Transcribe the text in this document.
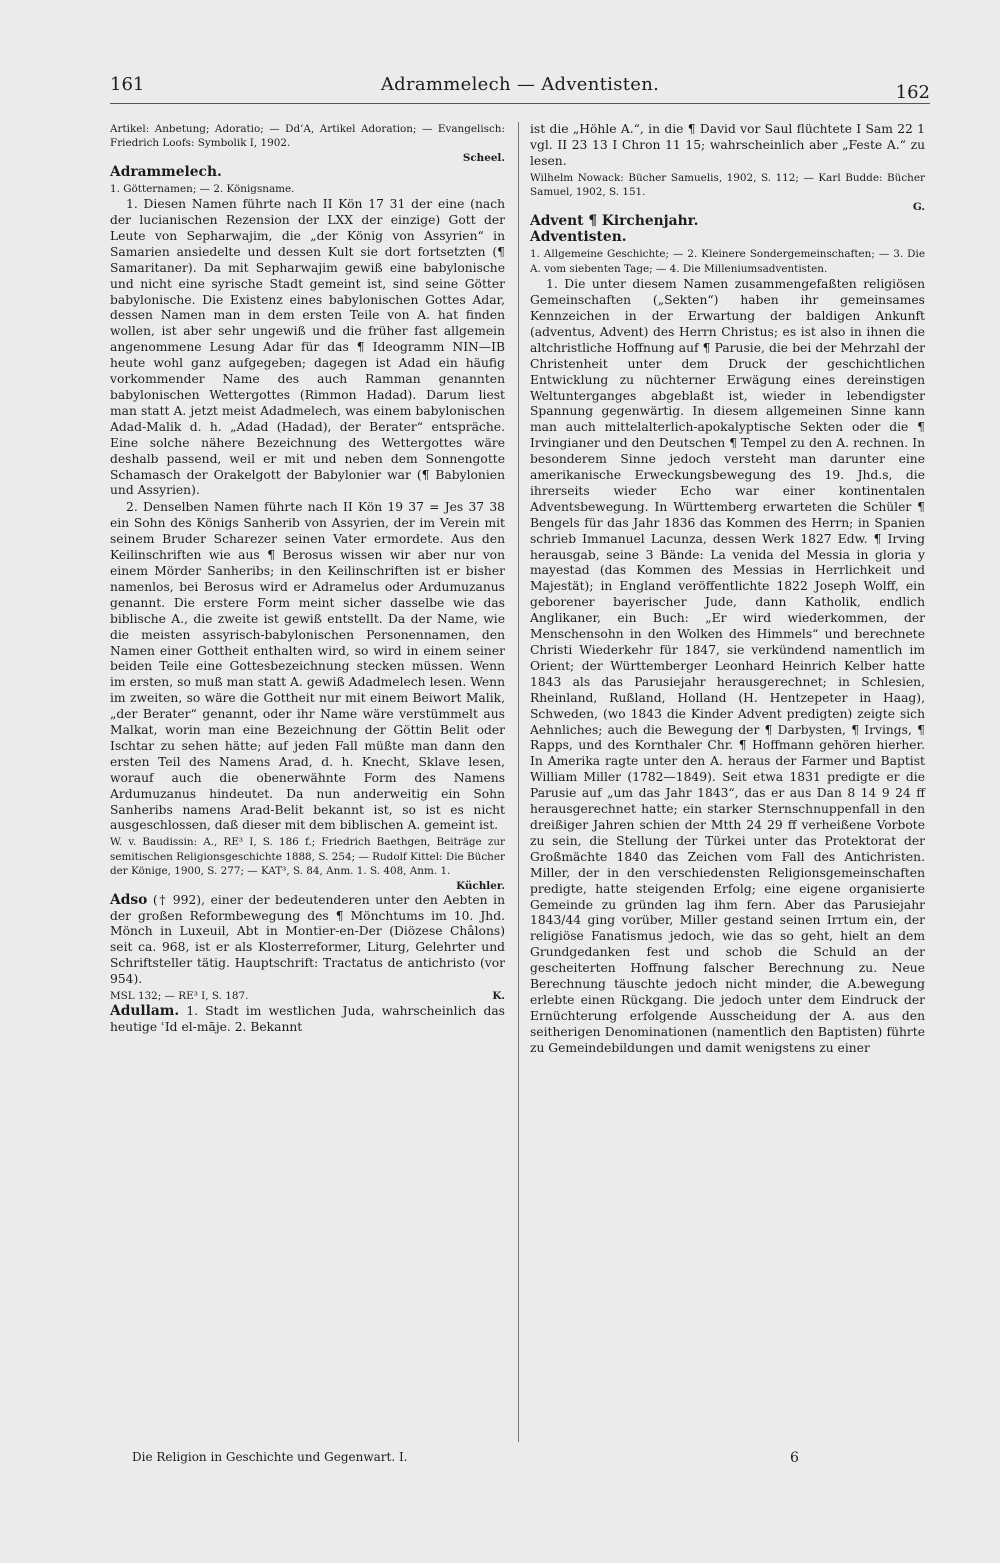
161	Adrammelech — Adventisten.	162

Artikel: Anbetung; Adoratio; — Dd’A, Artikel Adoration; — Evangelisch: Friedrich Loofs: Symbolik I, 1902.

Scheel.

Adrammelech.

1. Götternamen; — 2. Königsname.

1. Diesen Namen führte nach II Kön 17 31 der eine (nach der lucianischen Rezension der LXX der einzige) Gott der Leute von Sepharwajim, die „der König von Assyrien“ in Samarien ansiedelte und dessen Kult sie dort fortsetzten (¶ Samaritaner). Da mit Sepharwajim gewiß eine babylonische und nicht eine syrische Stadt gemeint ist, sind seine Götter babylonische. Die Existenz eines babylonischen Gottes Adar, dessen Namen man in dem ersten Teile von A. hat finden wollen, ist aber sehr ungewiß und die früher fast allgemein angenommene Lesung Adar für das ¶ Ideogramm NIN—IB heute wohl ganz aufgegeben; dagegen ist Adad ein häufig vorkommender Name des auch Ramman genannten babylonischen Wettergottes (Rimmon Hadad). Darum liest man statt A. jetzt meist Adadmelech, was einem babylonischen Adad-Malik d. h. „Adad (Hadad), der Berater“ entspräche. Eine solche nähere Bezeichnung des Wettergottes wäre deshalb passend, weil er mit und neben dem Sonnengotte Schamasch der Orakelgott der Babylonier war (¶ Babylonien und Assyrien).

2. Denselben Namen führte nach II Kön 19 37 = Jes 37 38 ein Sohn des Königs Sanherib von Assyrien, der im Verein mit seinem Bruder Scharezer seinen Vater ermordete. Aus den Keilinschriften wie aus ¶ Berosus wissen wir aber nur von einem Mörder Sanheribs; in den Keilinschriften ist er bisher namenlos, bei Berosus wird er Adramelus oder Ardumuzanus genannt. Die erstere Form meint sicher dasselbe wie das biblische A., die zweite ist gewiß entstellt. Da der Name, wie die meisten assyrisch-babylonischen Personennamen, den Namen einer Gottheit enthalten wird, so wird in einem seiner beiden Teile eine Gottesbezeichnung stecken müssen. Wenn im ersten, so muß man statt A. gewiß Adadmelech lesen. Wenn im zweiten, so wäre die Gottheit nur mit einem Beiwort Malik, „der Berater“ genannt, oder ihr Name wäre verstümmelt aus Malkat, worin man eine Bezeichnung der Göttin Belit oder Ischtar zu sehen hätte; auf jeden Fall müßte man dann den ersten Teil des Namens Arad, d. h. Knecht, Sklave lesen, worauf auch die obenerwähnte Form des Namens Ardumuzanus hindeutet. Da nun anderweitig ein Sohn Sanheribs namens Arad-Belit bekannt ist, so ist es nicht ausgeschlossen, daß dieser mit dem biblischen A. gemeint ist.

W. v. Baudissin: A., RE³ I, S. 186 f.; Friedrich Baethgen, Beiträge zur semitischen Religionsgeschichte 1888, S. 254; — Rudolf Kittel: Die Bücher der Könige, 1900, S. 277; — KAT³, S. 84, Anm. 1. S. 408, Anm. 1.

Küchler.

Adso († 992), einer der bedeutenderen unter den Aebten in der großen Reformbewegung des ¶ Mönchtums im 10. Jhd. Mönch in Luxeuil, Abt in Montier-en-Der (Diözese Châlons) seit ca. 968, ist er als Klosterreformer, Liturg, Gelehrter und Schriftsteller tätig. Hauptschrift: Tractatus de antichristo (vor 954).

MSL 132; — RE³ I, S. 187.	K.

Adullam. 1. Stadt im westlichen Juda, wahrscheinlich das heutige ʿId el-māje. 2. Bekannt

ist die „Höhle A.“, in die ¶ David vor Saul flüchtete I Sam 22 1 vgl. II 23 13 I Chron 11 15; wahrscheinlich aber „Feste A.“ zu lesen.

Wilhelm Nowack: Bücher Samuelis, 1902, S. 112; — Karl Budde: Bücher Samuel, 1902, S. 151.

G.

Advent ¶ Kirchenjahr.

Adventisten.

1. Allgemeine Geschichte; — 2. Kleinere Sondergemeinschaften; — 3. Die A. vom siebenten Tage; — 4. Die Milleniumsadventisten.

1. Die unter diesem Namen zusammengefaßten religiösen Gemeinschaften („Sekten“) haben ihr gemeinsames Kennzeichen in der Erwartung der baldigen Ankunft (adventus, Advent) des Herrn Christus; es ist also in ihnen die altchristliche Hoffnung auf ¶ Parusie, die bei der Mehrzahl der Christenheit unter dem Druck der geschichtlichen Entwicklung zu nüchterner Erwägung eines dereinstigen Weltunterganges abgeblaßt ist, wieder in lebendigster Spannung gegenwärtig. In diesem allgemeinen Sinne kann man auch mittelalterlich-apokalyptische Sekten oder die ¶ Irvingianer und den Deutschen ¶ Tempel zu den A. rechnen. In besonderem Sinne jedoch versteht man darunter eine amerikanische Erweckungsbewegung des 19. Jhd.s, die ihrerseits wieder Echo war einer kontinentalen Adventsbewegung. In Württemberg erwarteten die Schüler ¶ Bengels für das Jahr 1836 das Kommen des Herrn; in Spanien schrieb Immanuel Lacunza, dessen Werk 1827 Edw. ¶ Irving herausgab, seine 3 Bände: La venida del Messia in gloria y mayestad (das Kommen des Messias in Herrlichkeit und Majestät); in England veröffentlichte 1822 Joseph Wolff, ein geborener bayerischer Jude, dann Katholik, endlich Anglikaner, ein Buch: „Er wird wiederkommen, der Menschensohn in den Wolken des Himmels“ und berechnete Christi Wiederkehr für 1847, sie verkündend namentlich im Orient; der Württemberger Leonhard Heinrich Kelber hatte 1843 als das Parusiejahr herausgerechnet; in Schlesien, Rheinland, Rußland, Holland (H. Hentzepeter in Haag), Schweden, (wo 1843 die Kinder Advent predigten) zeigte sich Aehnliches; auch die Bewegung der ¶ Darbysten, ¶ Irvings, ¶ Rapps, und des Kornthaler Chr. ¶ Hoffmann gehören hierher. In Amerika ragte unter den A. heraus der Farmer und Baptist William Miller (1782—1849). Seit etwa 1831 predigte er die Parusie auf „um das Jahr 1843“, das er aus Dan 8 14 9 24 ff herausgerechnet hatte; ein starker Sternschnuppenfall in den dreißiger Jahren schien der Mtth 24 29 ff verheißene Vorbote zu sein, die Stellung der Türkei unter das Protektorat der Großmächte 1840 das Zeichen vom Fall des Antichristen. Miller, der in den verschiedensten Religionsgemeinschaften predigte, hatte steigenden Erfolg; eine eigene organisierte Gemeinde zu gründen lag ihm fern. Aber das Parusiejahr 1843/44 ging vorüber, Miller gestand seinen Irrtum ein, der religiöse Fanatismus jedoch, wie das so geht, hielt an dem Grundgedanken fest und schob die Schuld an der gescheiterten Hoffnung falscher Berechnung zu. Neue Berechnung täuschte jedoch nicht minder, die A.bewegung erlebte einen Rückgang. Die jedoch unter dem Eindruck der Ernüchterung erfolgende Ausscheidung der A. aus den seitherigen Denominationen (namentlich den Baptisten) führte zu Gemeindebildungen und damit wenigstens zu einer

Die Religion in Geschichte und Gegenwart. I.	6
